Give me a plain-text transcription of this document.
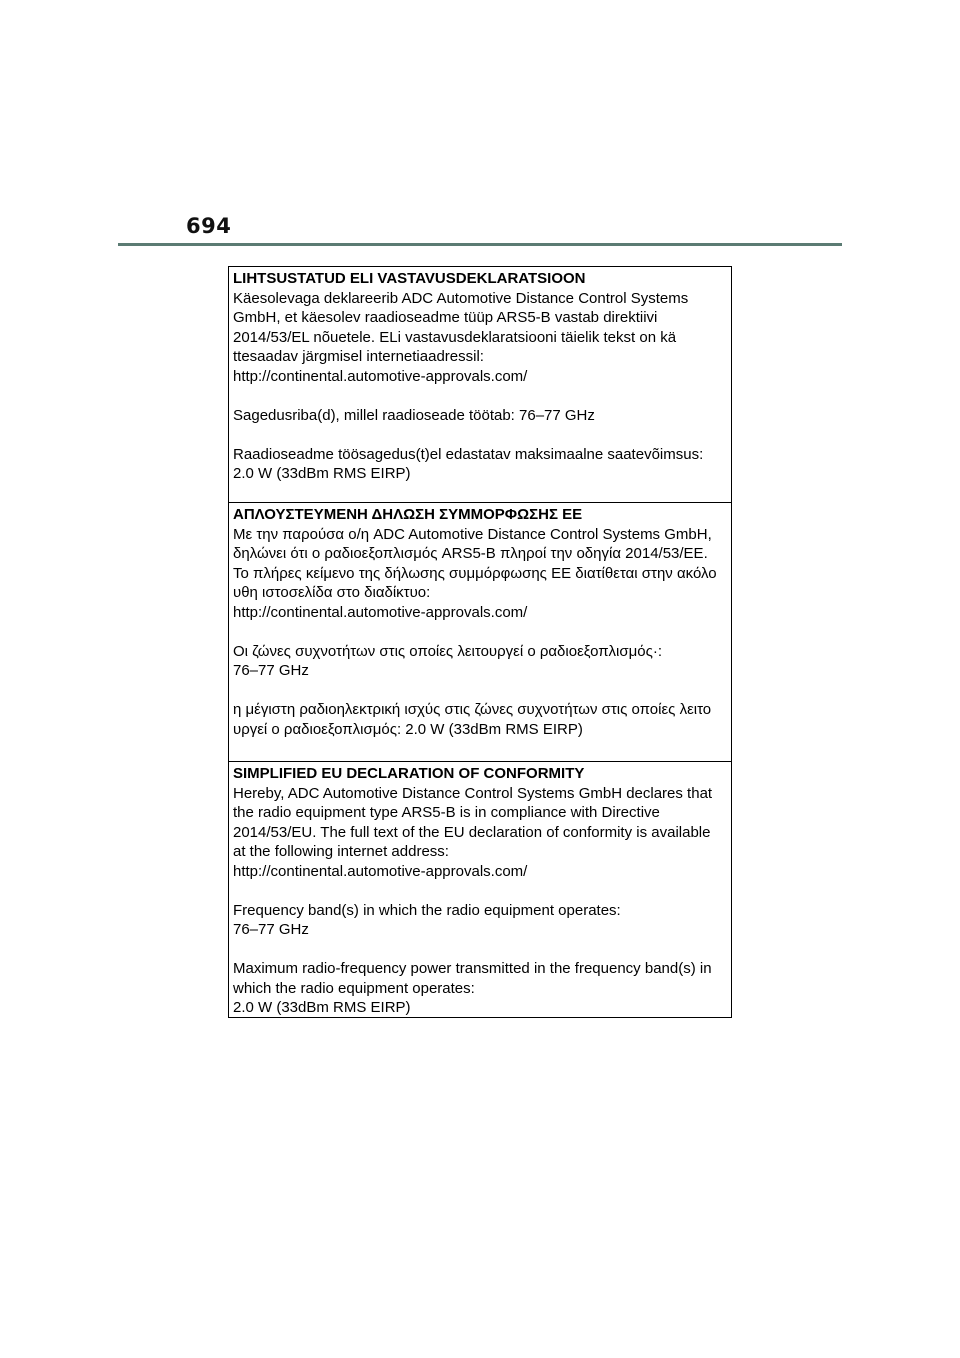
694
LIHTSUSTATUD ELI VASTAVUSDEKLARATSIOON
Käesolevaga deklareerib ADC Automotive Distance Control Systems
GmbH, et käesolev raadioseadme tüüp ARS5-B vastab direktiivi
2014/53/EL nõuetele. ELi vastavusdeklaratsiooni täielik tekst on kä
ttesaadav järgmisel internetiaadressil:
http://continental.automotive-approvals.com/
Sagedusriba(d), millel raadioseade töötab: 76–77 GHz
Raadioseadme töösagedus(t)el edastatav maksimaalne saatevõimsus:
2.0 W (33dBm RMS EIRP)
ΑΠΛΟΥΣΤΕΥΜΕΝΗ ΔΗΛΩΣΗ ΣΥΜΜΟΡΦΩΣΗΣ ΕΕ
Με την παρούσα ο/η ADC Automotive Distance Control Systems GmbH,
δηλώνει ότι ο ραδιοεξοπλισμός ARS5-B πληροί την οδηγία 2014/53/ΕΕ.
Το πλήρες κείμενο της δήλωσης συμμόρφωσης ΕΕ διατίθεται στην ακόλο
υθη ιστοσελίδα στο διαδίκτυο:
http://continental.automotive-approvals.com/
Οι ζώνες συχνοτήτων στις οποίες λειτουργεί ο ραδιοεξοπλισμός·:
76–77 GHz
η μέγιστη ραδιοηλεκτρική ισχύς στις ζώνες συχνοτήτων στις οποίες λειτο
υργεί ο ραδιοεξοπλισμός: 2.0 W (33dBm RMS EIRP)
SIMPLIFIED EU DECLARATION OF CONFORMITY
Hereby, ADC Automotive Distance Control Systems GmbH declares that
the radio equipment type ARS5-B is in compliance with Directive
2014/53/EU. The full text of the EU declaration of conformity is available
at the following internet address:
http://continental.automotive-approvals.com/
Frequency band(s) in which the radio equipment operates:
76–77 GHz
Maximum radio-frequency power transmitted in the frequency band(s) in
which the radio equipment operates:
2.0 W (33dBm RMS EIRP)
